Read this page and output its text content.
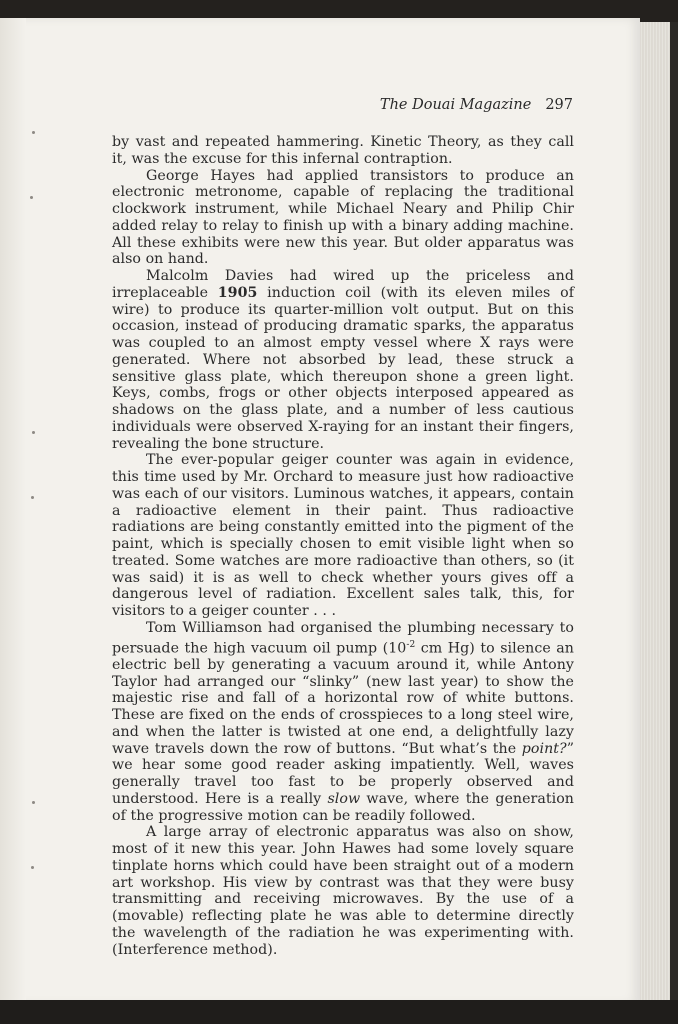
The Douai Magazine 297

by vast and repeated hammering. Kinetic Theory, as they call it, was the excuse for this infernal contraption.

George Hayes had applied transistors to produce an electronic metronome, capable of replacing the traditional clockwork instrument, while Michael Neary and Philip Chir added relay to relay to finish up with a binary adding machine. All these exhibits were new this year. But older apparatus was also on hand.

Malcolm Davies had wired up the priceless and irreplaceable 1905 induction coil (with its eleven miles of wire) to produce its quarter-million volt output. But on this occasion, instead of producing dramatic sparks, the apparatus was coupled to an almost empty vessel where X rays were generated. Where not absorbed by lead, these struck a sensitive glass plate, which thereupon shone a green light. Keys, combs, frogs or other objects interposed appeared as shadows on the glass plate, and a number of less cautious individuals were observed X-raying for an instant their fingers, revealing the bone structure.

The ever-popular geiger counter was again in evidence, this time used by Mr. Orchard to measure just how radioactive was each of our visitors. Luminous watches, it appears, contain a radioactive element in their paint. Thus radioactive radiations are being constantly emitted into the pigment of the paint, which is specially chosen to emit visible light when so treated. Some watches are more radioactive than others, so (it was said) it is as well to check whether yours gives off a dangerous level of radiation. Excellent sales talk, this, for visitors to a geiger counter . . .

Tom Williamson had organised the plumbing necessary to persuade the high vacuum oil pump ($10^{-2}$ cm Hg) to silence an electric bell by generating a vacuum around it, while Antony Taylor had arranged our “slinky” (new last year) to show the majestic rise and fall of a horizontal row of white buttons. These are fixed on the ends of crosspieces to a long steel wire, and when the latter is twisted at one end, a delightfully lazy wave travels down the row of buttons. “But what’s the point?” we hear some good reader asking impatiently. Well, waves generally travel too fast to be properly observed and understood. Here is a really slow wave, where the generation of the progressive motion can be readily followed.

A large array of electronic apparatus was also on show, most of it new this year. John Hawes had some lovely square tinplate horns which could have been straight out of a modern art workshop. His view by contrast was that they were busy transmitting and receiving microwaves. By the use of a (movable) reflecting plate he was able to determine directly the wavelength of the radiation he was experimenting with. (Interference method).
